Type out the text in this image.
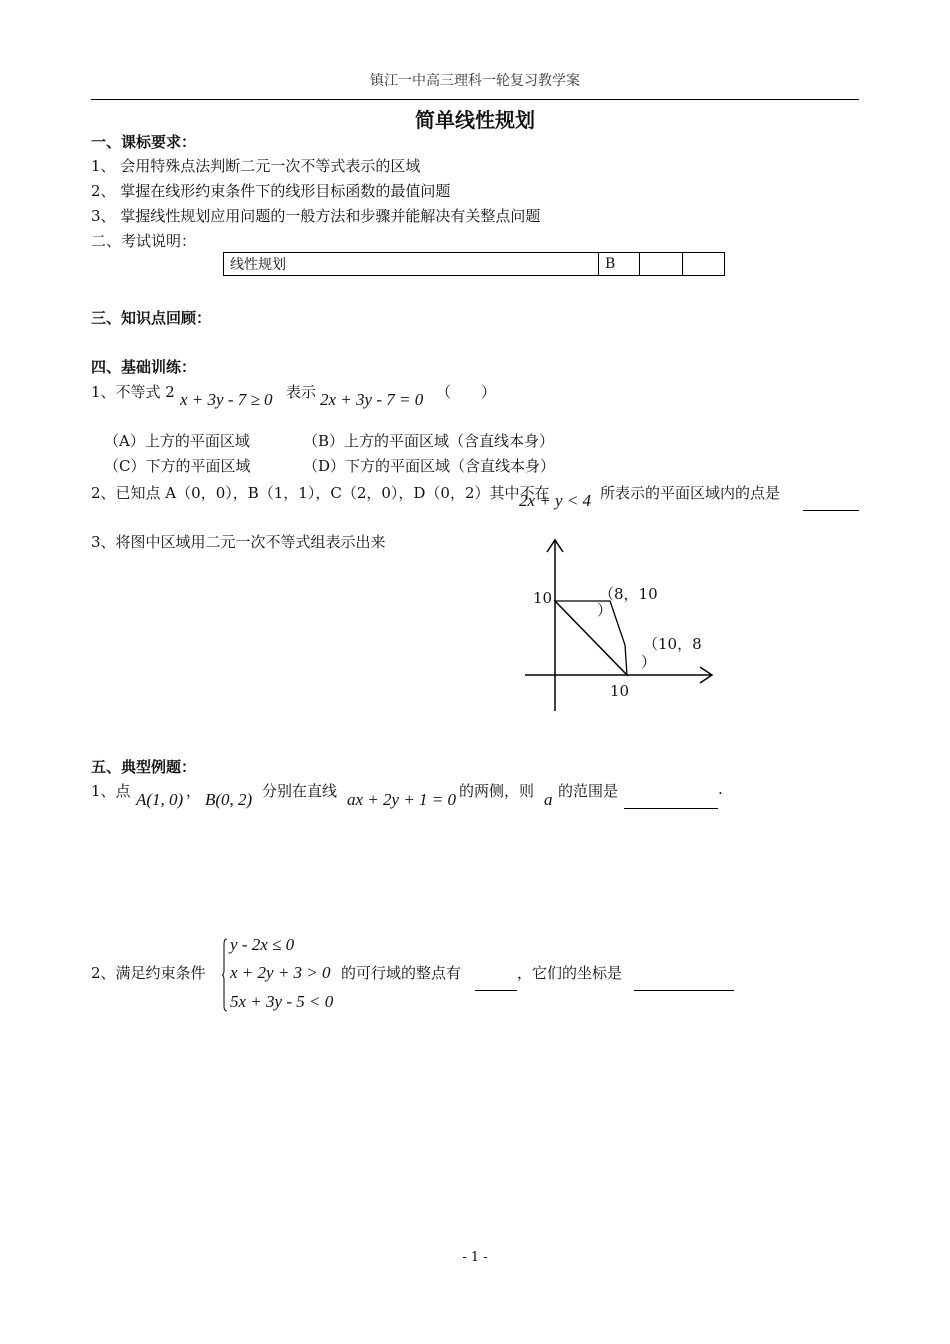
镇江一中高三理科一轮复习教学案
简单线性规划
一、课标要求：
1、 会用特殊点法判断二元一次不等式表示的区域
2、 掌握在线形约束条件下的线形目标函数的最值问题
3、 掌握线性规划应用问题的一般方法和步骤并能解决有关整点问题
二、考试说明：
线性规划	B		
三、知识点回顾：
四、基础训练：
1、不等式 2 x + 3y - 7 ≥ 0 表示 2x + 3y - 7 = 0 （　　）
（A）上方的平面区域	（B）上方的平面区域（含直线本身）
（C）下方的平面区域	（D）下方的平面区域（含直线本身）
2、已知点 A（0，0），B（1，1），C（2，0），D（0，2）其中不在
2x + y < 4 所表示的平面区域内的点是
3、将图中区域用二元一次不等式组表示出来
10
10
（8，10
）
（10，8
）
五、典型例题：
1、点 A(1, 0) ， B(0, 2) 分别在直线 ax + 2y + 1 = 0 的两侧，则 a 的范围是	.
2、满足约束条件
y - 2x ≤ 0
x + 2y + 3 > 0
5x + 3y - 5 < 0
的可行域的整点有	，它们的坐标是
- 1 -
